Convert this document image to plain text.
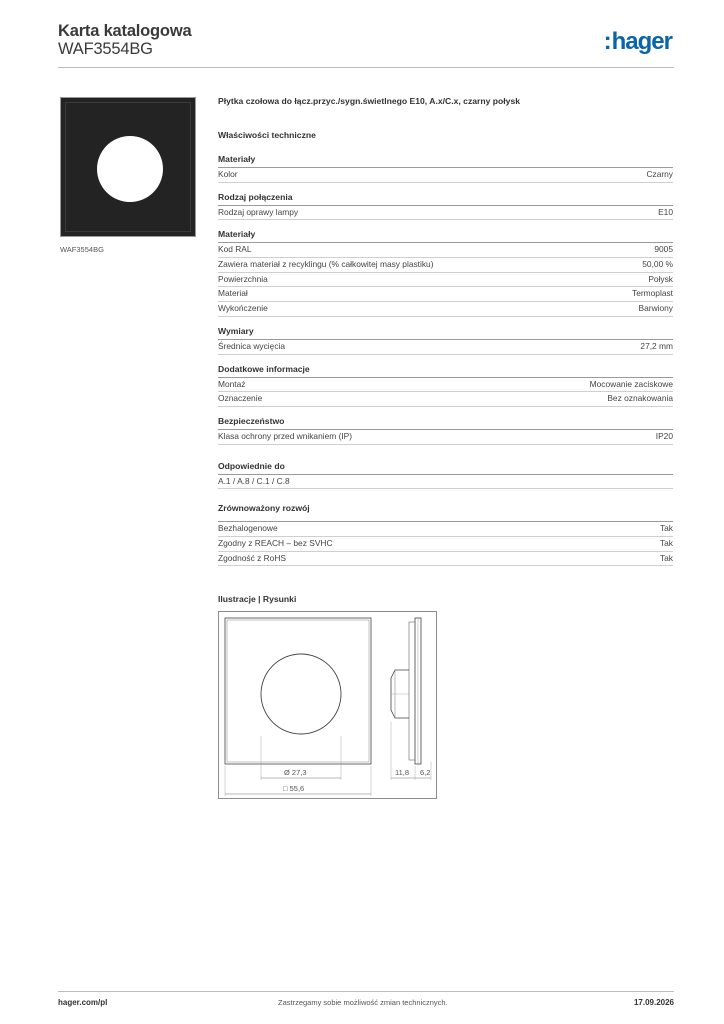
Karta katalogowa
WAF3554BG	:hager
WAF3554BG
Płytka czołowa do łącz.przyc./sygn.świetlnego E10, A.x/C.x, czarny połysk
Właściwości techniczne
Materiały
Kolor	Czarny
Rodzaj połączenia
Rodzaj oprawy lampy	E10
Materiały
Kod RAL	9005
Zawiera materiał z recyklingu (% całkowitej masy plastiku)	50,00 %
Powierzchnia	Połysk
Materiał	Termoplast
Wykończenie	Barwiony
Wymiary
Średnica wycięcia	27,2 mm
Dodatkowe informacje
Montaż	Mocowanie zaciskowe
Oznaczenie	Bez oznakowania
Bezpieczeństwo
Klasa ochrony przed wnikaniem (IP)	IP20
Odpowiednie do
A.1 / A.8 / C.1 / C.8
Zrównoważony rozwój
Bezhalogenowe	Tak
Zgodny z REACH – bez SVHC	Tak
Zgodność z RoHS	Tak
Ilustracje | Rysunki
Ø 27,3
□ 55,6
11,8 6,2
hager.com/pl	Zastrzegamy sobie możliwość zmian technicznych.	17.09.2026
